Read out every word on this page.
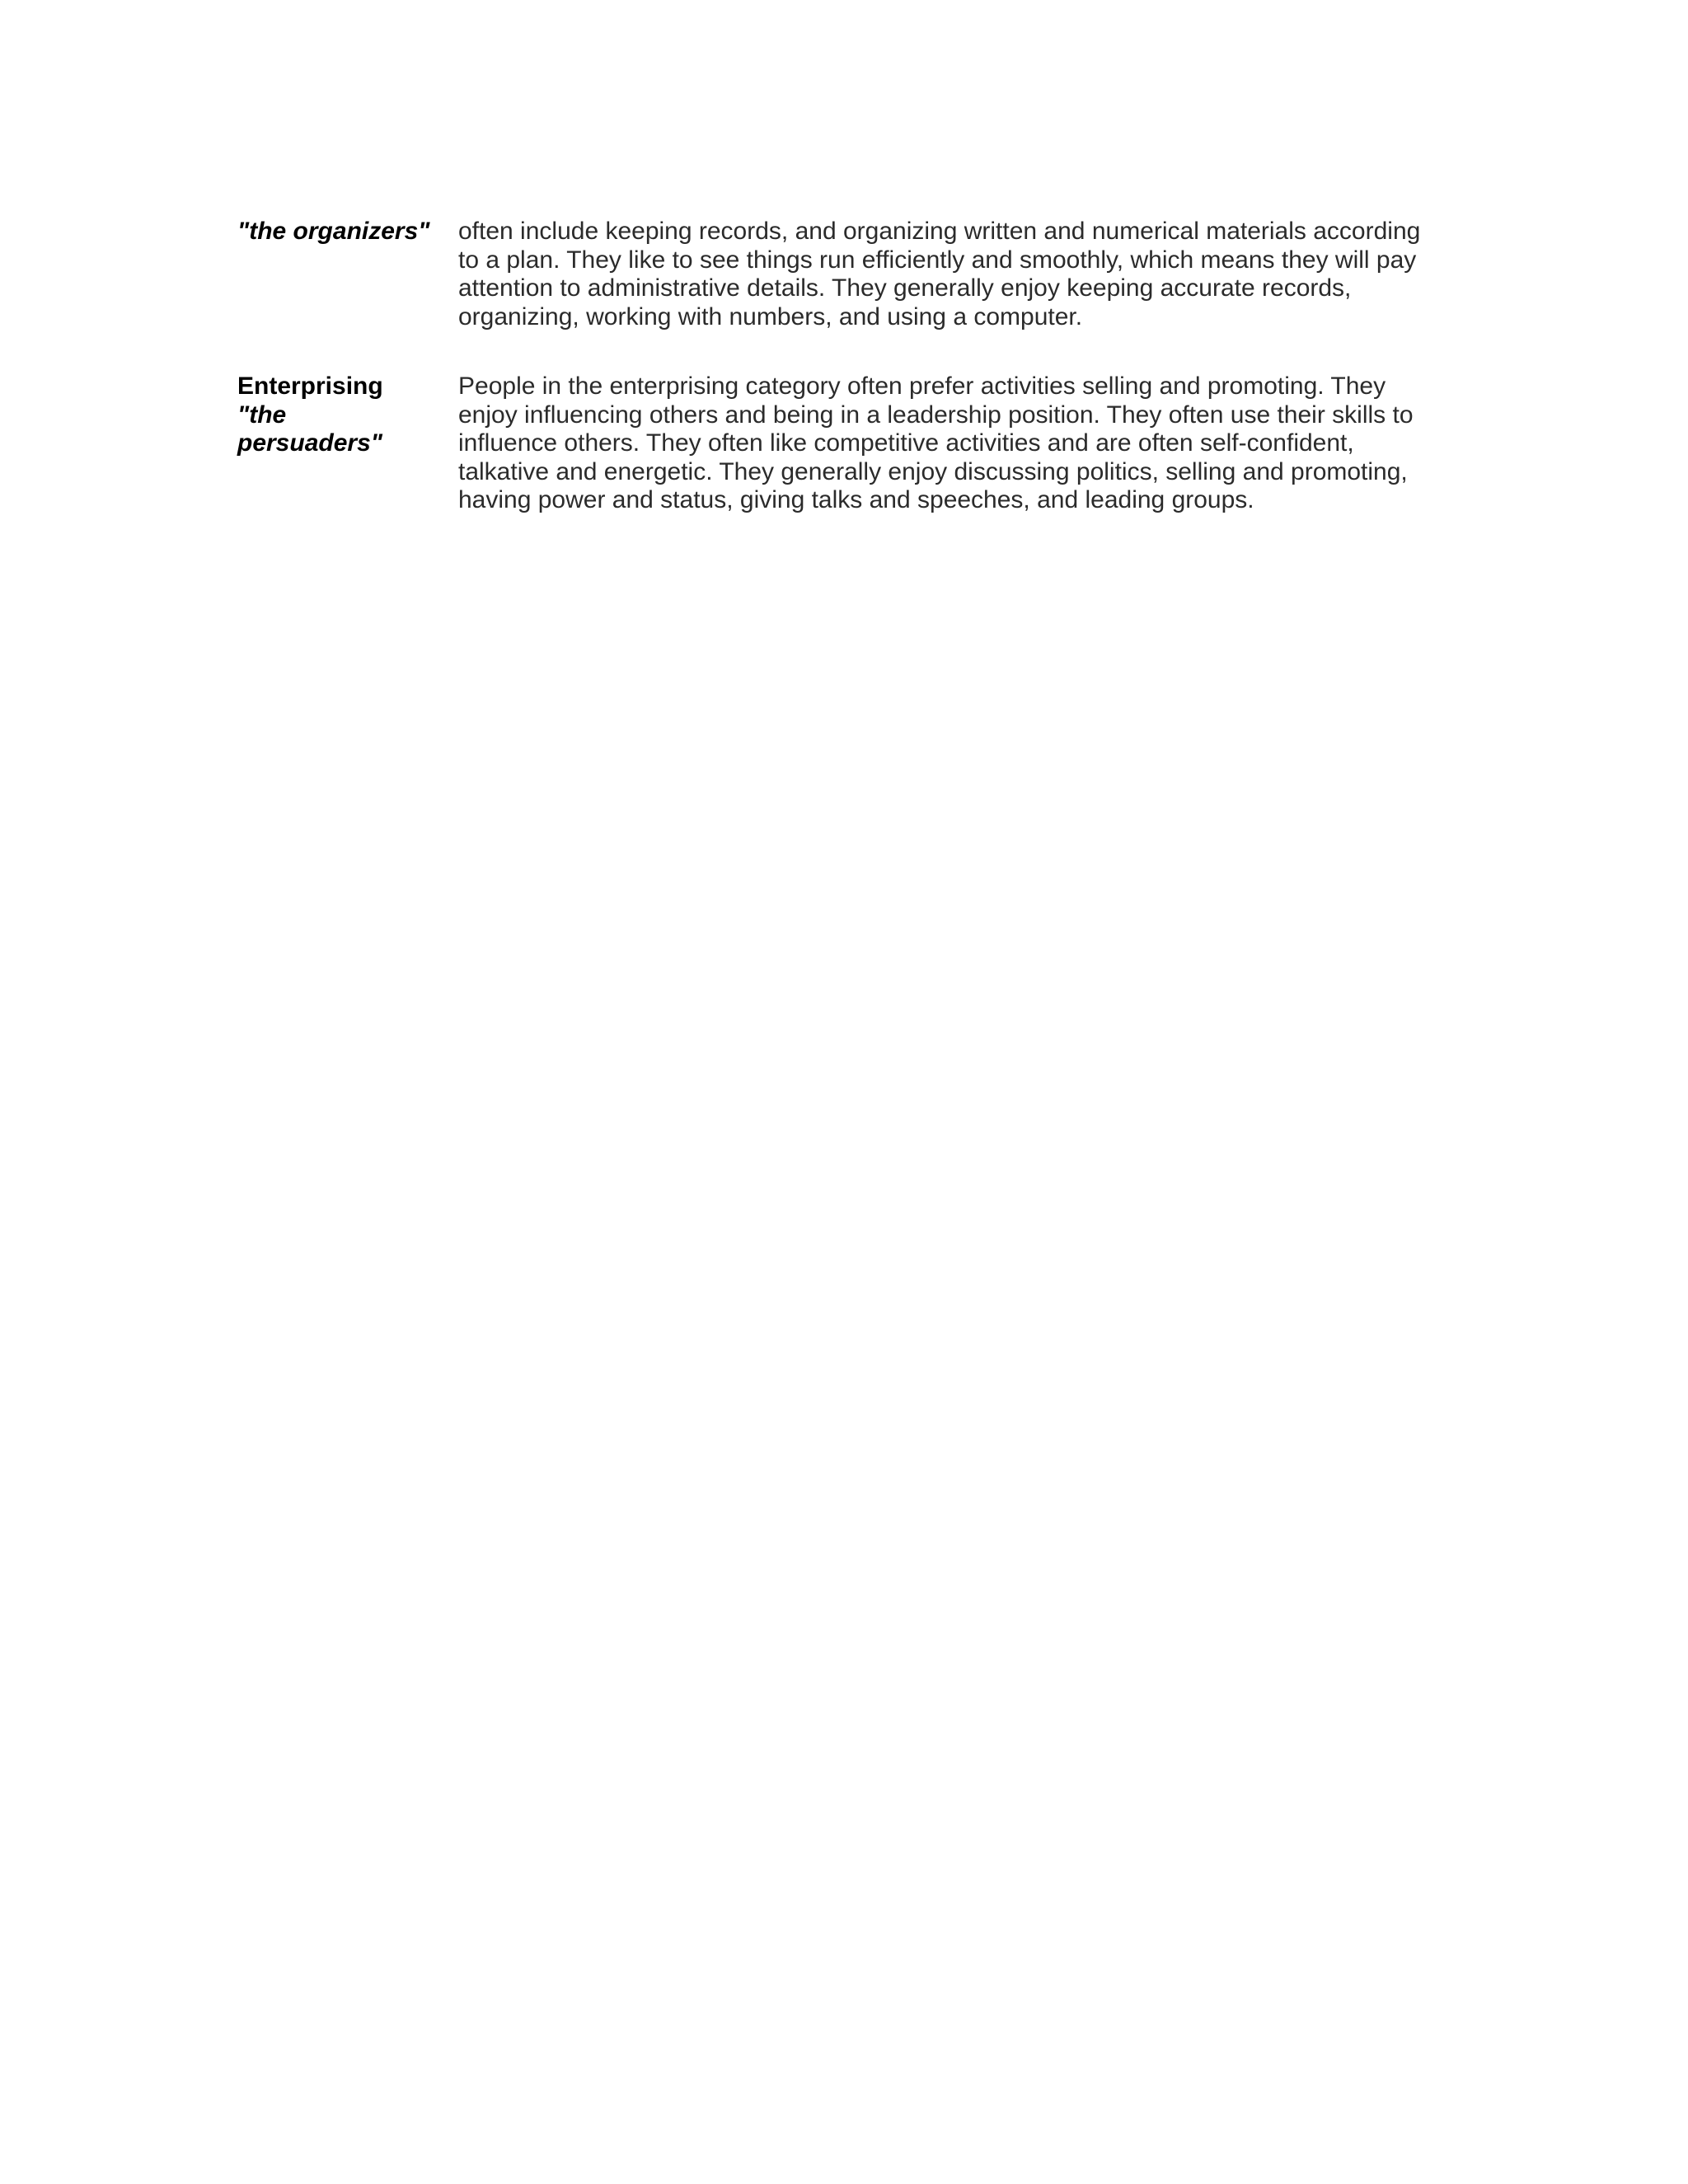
"the organizers"	often include keeping records, and organizing written and numerical materials according
to a plan. They like to see things run efficiently and smoothly, which means they will pay
attention to administrative details. They generally enjoy keeping accurate records,
organizing, working with numbers, and using a computer.
Enterprising
"the
persuaders"
People in the enterprising category often prefer activities selling and promoting. They
enjoy influencing others and being in a leadership position. They often use their skills to
influence others. They often like competitive activities and are often self-confident,
talkative and energetic. They generally enjoy discussing politics, selling and promoting,
having power and status, giving talks and speeches, and leading groups.
